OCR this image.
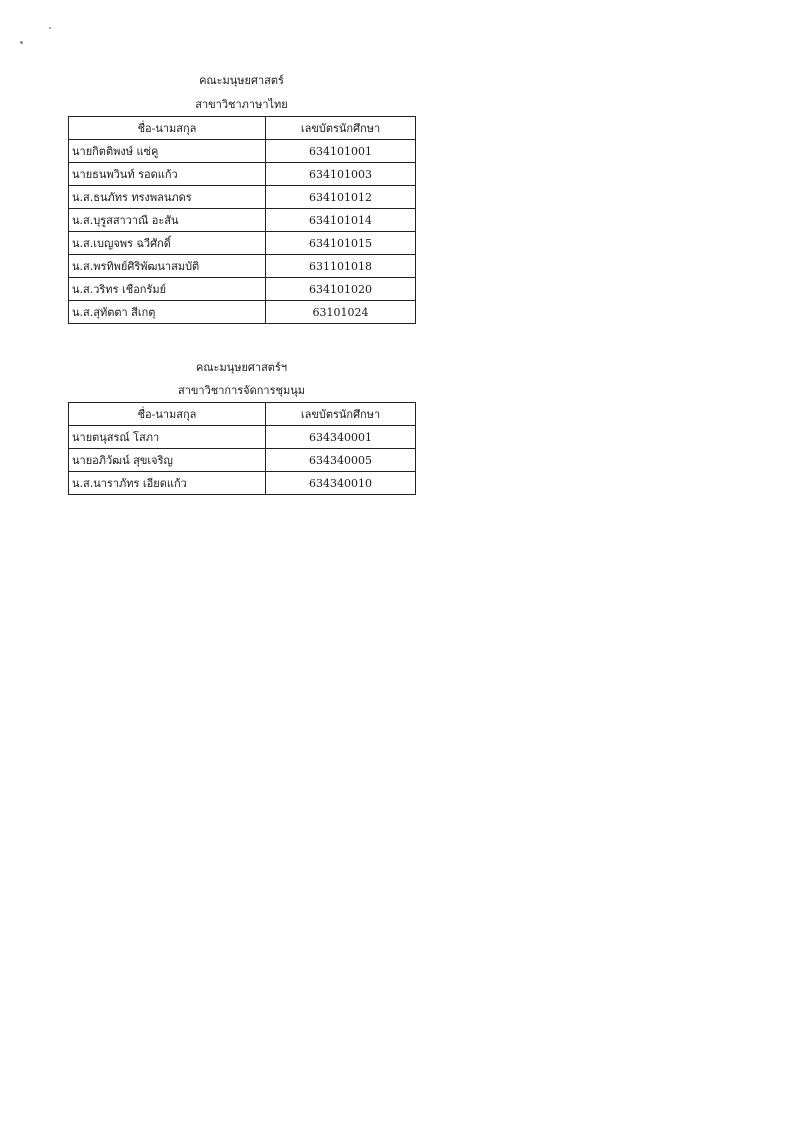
คณะมนุษยศาสตร์
สาขาวิชาภาษาไทย
ชื่อ-นามสกุล	เลขบัตรนักศึกษา
นายกิตติพงษ์ แซ่คู	634101001
นายธนพวินท์ รอดแก้ว	634101003
น.ส.ธนภัทร ทรงพลนภดร	634101012
น.ส.บุรูสสาวาณี อะสัน	634101014
น.ส.เบญจพร ฉวีศักดิ์	634101015
น.ส.พรทิพย์ศิริพัฒนาสมบัติ	631101018
น.ส.วริทร เชือกรัมย์	634101020
น.ส.สุทัตตา สีเกตุ	63101024
คณะมนุษยศาสตร์ฯ
สาขาวิชาการจัดการชุมนุม
ชื่อ-นามสกุล	เลขบัตรนักศึกษา
นายตนุสรณ์ โสภา	634340001
นายอภิวัฒน์ สุขเจริญ	634340005
น.ส.นาราภัทร เอียดแก้ว	634340010
